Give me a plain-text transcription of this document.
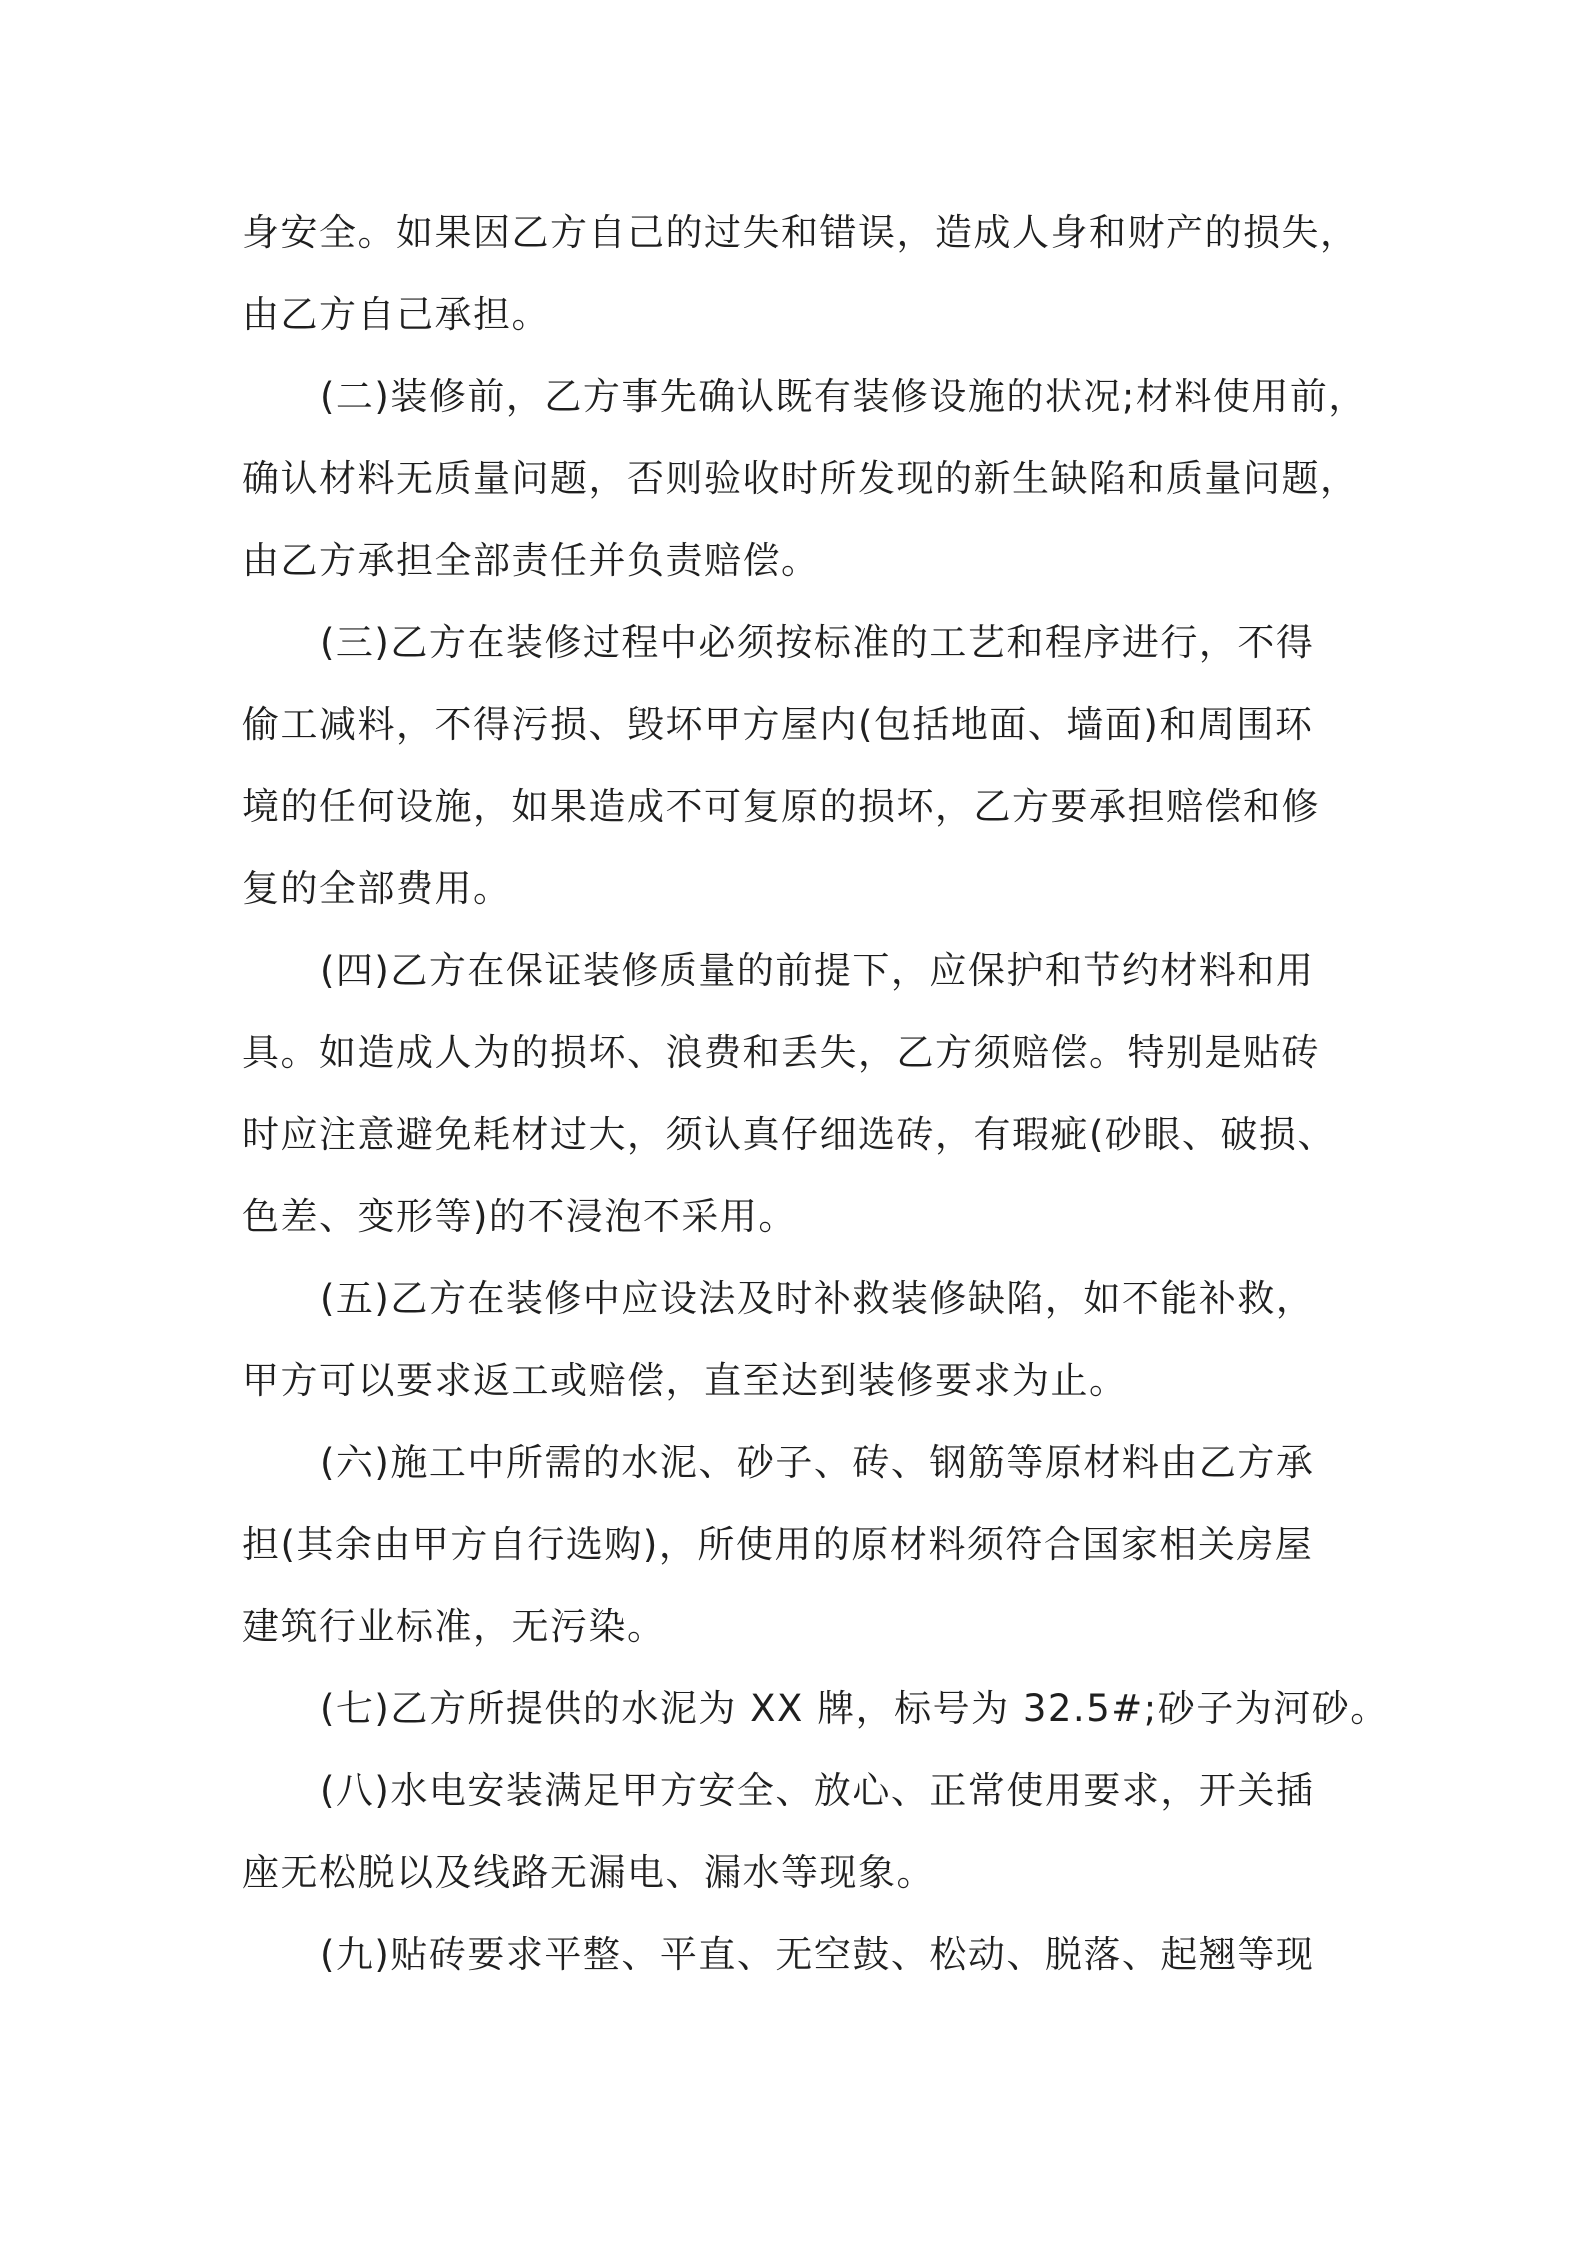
身安全。如果因乙方自己的过失和错误，造成人身和财产的损失，
由乙方自己承担。

(二)装修前，乙方事先确认既有装修设施的状况;材料使用前，
确认材料无质量问题，否则验收时所发现的新生缺陷和质量问题，
由乙方承担全部责任并负责赔偿。

(三)乙方在装修过程中必须按标准的工艺和程序进行，不得
偷工减料，不得污损、毁坏甲方屋内(包括地面、墙面)和周围环
境的任何设施，如果造成不可复原的损坏，乙方要承担赔偿和修
复的全部费用。

(四)乙方在保证装修质量的前提下，应保护和节约材料和用
具。如造成人为的损坏、浪费和丢失，乙方须赔偿。特别是贴砖
时应注意避免耗材过大，须认真仔细选砖，有瑕疵(砂眼、破损、
色差、变形等)的不浸泡不采用。

(五)乙方在装修中应设法及时补救装修缺陷，如不能补救，
甲方可以要求返工或赔偿，直至达到装修要求为止。

(六)施工中所需的水泥、砂子、砖、钢筋等原材料由乙方承
担(其余由甲方自行选购)，所使用的原材料须符合国家相关房屋
建筑行业标准，无污染。

(七)乙方所提供的水泥为 XX 牌，标号为 32.5#;砂子为河砂。

(八)水电安装满足甲方安全、放心、正常使用要求，开关插
座无松脱以及线路无漏电、漏水等现象。

(九)贴砖要求平整、平直、无空鼓、松动、脱落、起翘等现
